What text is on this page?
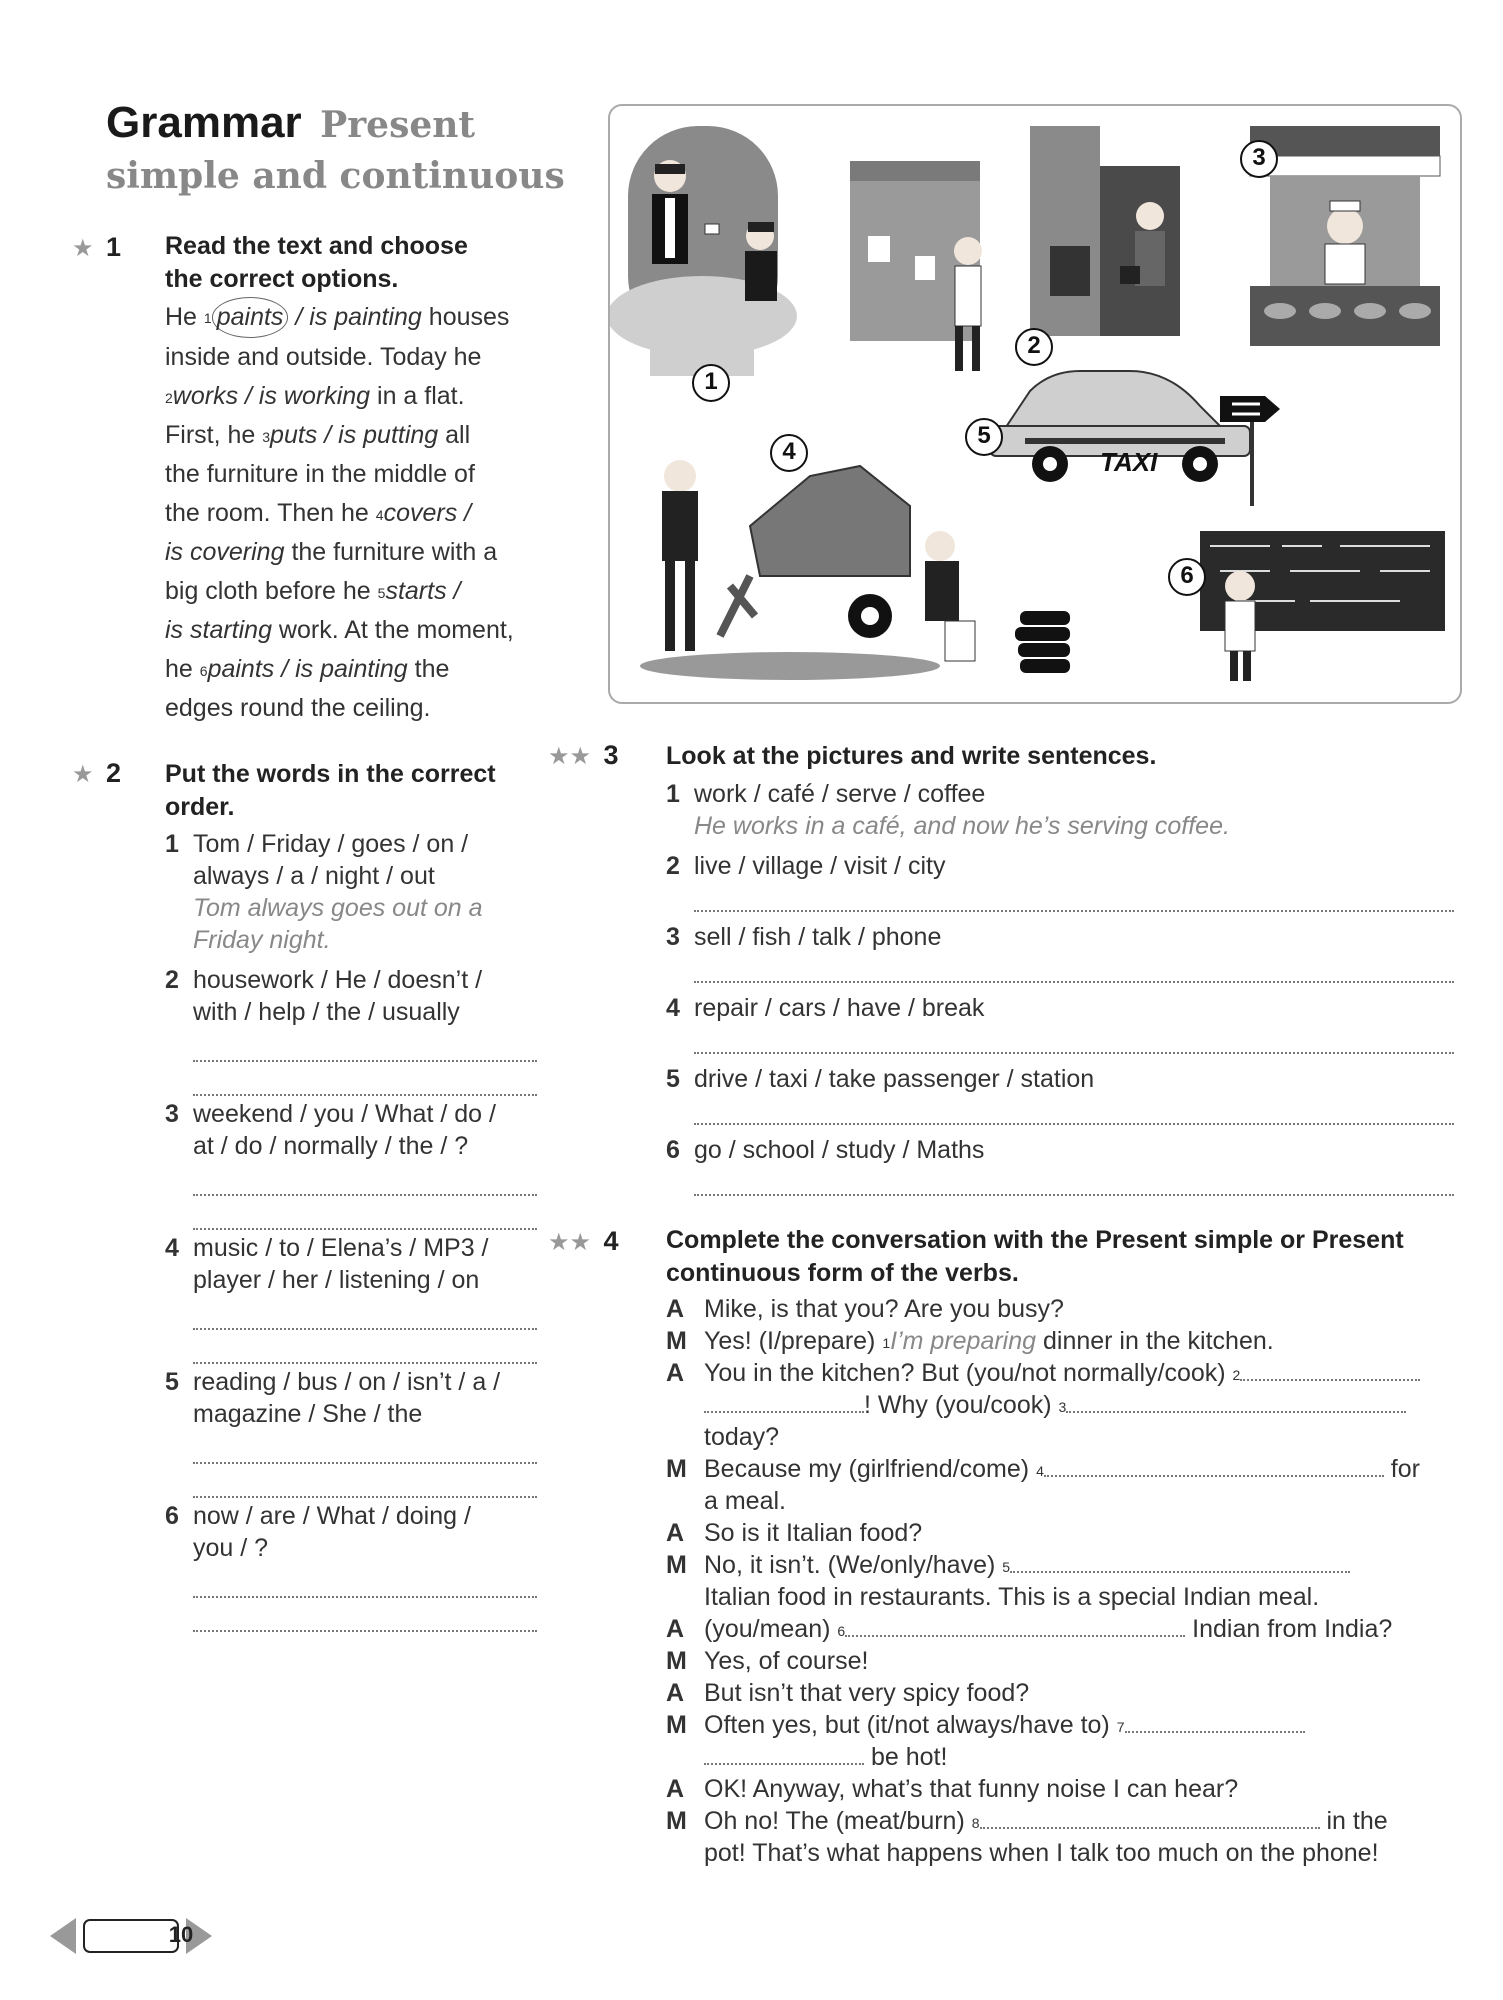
Grammar Present
simple and continuous
★ 1 Read the text and choose
the correct options.
He $^1$ paints / is painting houses
inside and outside. Today he
$^2$works / is working in a flat.
First, he $^3$puts / is putting all
the furniture in the middle of
the room. Then he $^4$covers /
is covering the furniture with a
big cloth before he $^5$starts /
is starting work. At the moment,
he $^6$paints / is painting the
edges round the ceiling.
★ 2 Put the words in the correct
order.
1 Tom / Friday / goes / on /
always / a / night / out
Tom always goes out on a
Friday night.
2 housework / He / doesn’t /
with / help / the / usually
3 weekend / you / What / do /
at / do / normally / the / ?
4 music / to / Elena’s / MP3 /
player / her / listening / on
5 reading / bus / on / isn’t / a /
magazine / She / the
6 now / are / What / doing /
you / ?
TAXI
1
2
3
4
5
6
★★ 3 Look at the pictures and write sentences.
1 work / café / serve / coffee
He works in a café, and now he’s serving coffee.
2 live / village / visit / city
3 sell / fish / talk / phone
4 repair / cars / have / break
5 drive / taxi / take passenger / station
6 go / school / study / Maths
★★ 4 Complete the conversation with the Present simple or Present
continuous form of the verbs.
A Mike, is that you? Are you busy?
M Yes! (I/prepare) $^1$I’m preparing dinner in the kitchen.
A You in the kitchen? But (you/not normally/cook) $^2$
! Why (you/cook) $^3$
today?
M Because my (girlfriend/come) $^4$	for
a meal.
A So is it Italian food?
M No, it isn’t. (We/only/have) $^5$
Italian food in restaurants. This is a special Indian meal.
A (you/mean) $^6$	Indian from India?
M Yes, of course!
A But isn’t that very spicy food?
M Often yes, but (it/not always/have to) $^7$
be hot!
A OK! Anyway, what’s that funny noise I can hear?
M Oh no! The (meat/burn) $^8$	in the
pot! That’s what happens when I talk too much on the phone!
10
